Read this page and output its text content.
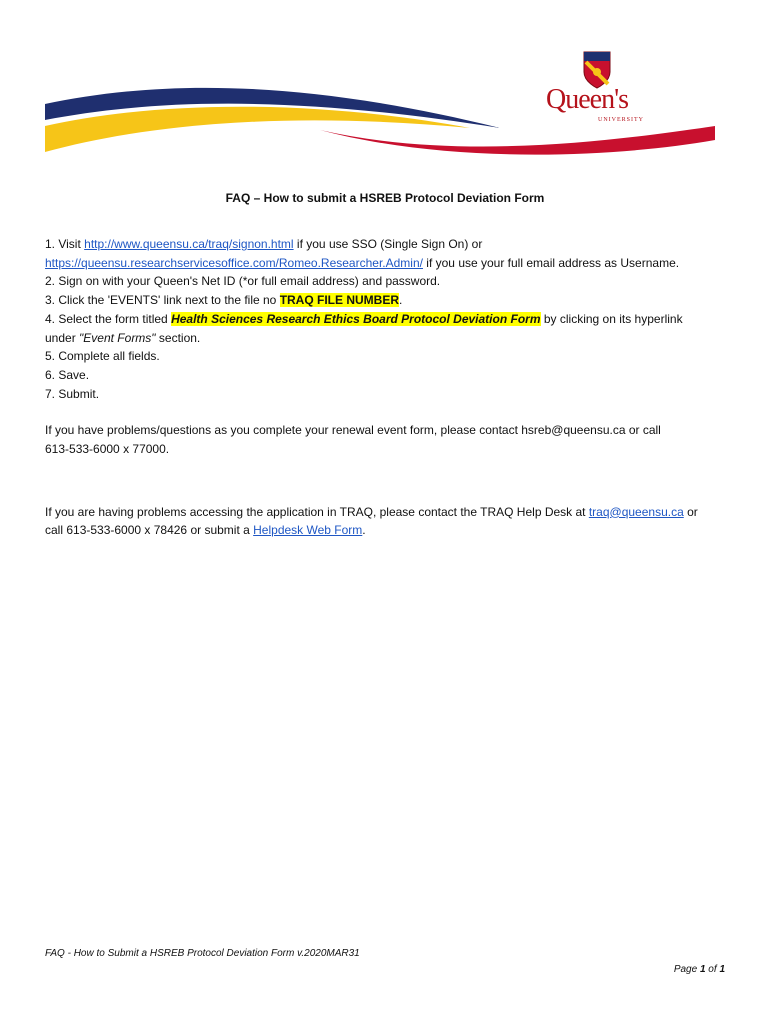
Queen's
UNIVERSITY
FAQ – How to submit a HSREB Protocol Deviation Form

1. Visit http://www.queensu.ca/traq/signon.html if you use SSO (Single Sign On) or
https://queensu.researchservicesoffice.com/Romeo.Researcher.Admin/ if you use your full email address as Username.
2. Sign on with your Queen's Net ID (*or full email address) and password.
3. Click the 'EVENTS' link next to the file no TRAQ FILE NUMBER.
4. Select the form titled Health Sciences Research Ethics Board Protocol Deviation Form by clicking on its hyperlink
under "Event Forms" section.
5. Complete all fields.
6. Save.
7. Submit.

If you have problems/questions as you complete your renewal event form, please contact hsreb@queensu.ca or call
613-533-6000 x 77000.

If you are having problems accessing the application in TRAQ, please contact the TRAQ Help Desk at traq@queensu.ca or
call 613-533-6000 x 78426 or submit a Helpdesk Web Form.

FAQ - How to Submit a HSREB Protocol Deviation Form v.2020MAR31
Page 1 of 1
